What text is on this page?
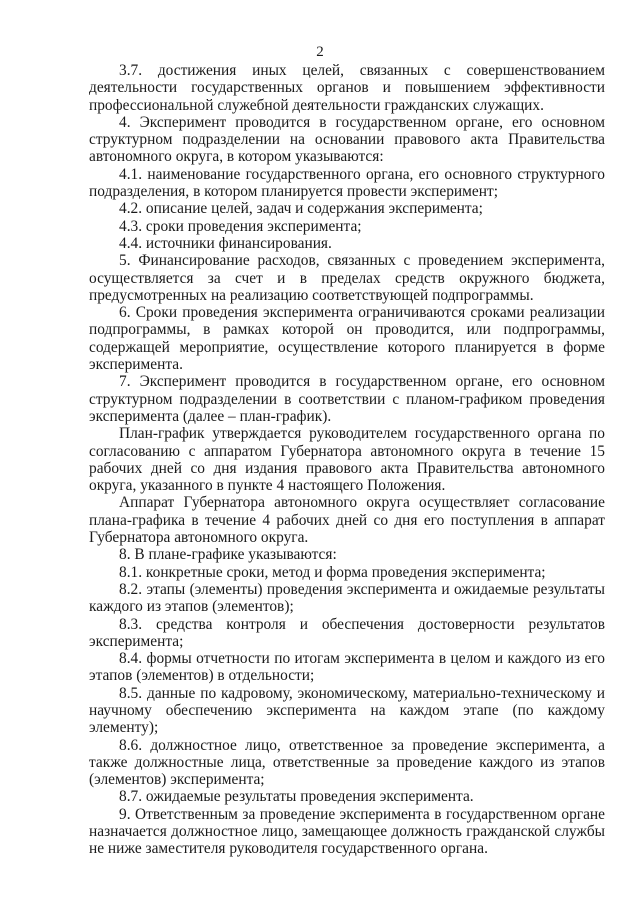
2

3.7. достижения иных целей, связанных с совершенствованием деятельности государственных органов и повышением эффективности профессиональной служебной деятельности гражданских служащих.

4. Эксперимент проводится в государственном органе, его основном структурном подразделении на основании правового акта Правительства автономного округа, в котором указываются:

4.1. наименование государственного органа, его основного структурного подразделения, в котором планируется провести эксперимент;

4.2. описание целей, задач и содержания эксперимента;

4.3. сроки проведения эксперимента;

4.4. источники финансирования.

5. Финансирование расходов, связанных с проведением эксперимента, осуществляется за счет и в пределах средств окружного бюджета, предусмотренных на реализацию соответствующей подпрограммы.

6. Сроки проведения эксперимента ограничиваются сроками реализации подпрограммы, в рамках которой он проводится, или подпрограммы, содержащей мероприятие, осуществление которого планируется в форме эксперимента.

7. Эксперимент проводится в государственном органе, его основном структурном подразделении в соответствии с планом-графиком проведения эксперимента (далее – план-график).

План-график утверждается руководителем государственного органа по согласованию с аппаратом Губернатора автономного округа в течение 15 рабочих дней со дня издания правового акта Правительства автономного округа, указанного в пункте 4 настоящего Положения.

Аппарат Губернатора автономного округа осуществляет согласование плана-графика в течение 4 рабочих дней со дня его поступления в аппарат Губернатора автономного округа.

8. В плане-графике указываются:

8.1. конкретные сроки, метод и форма проведения эксперимента;

8.2. этапы (элементы) проведения эксперимента и ожидаемые результаты каждого из этапов (элементов);

8.3. средства контроля и обеспечения достоверности результатов эксперимента;

8.4. формы отчетности по итогам эксперимента в целом и каждого из его этапов (элементов) в отдельности;

8.5. данные по кадровому, экономическому, материально-техническому и научному обеспечению эксперимента на каждом этапе (по каждому элементу);

8.6. должностное лицо, ответственное за проведение эксперимента, а также должностные лица, ответственные за проведение каждого из этапов (элементов) эксперимента;

8.7. ожидаемые результаты проведения эксперимента.

9. Ответственным за проведение эксперимента в государственном органе назначается должностное лицо, замещающее должность гражданской службы не ниже заместителя руководителя государственного органа.
